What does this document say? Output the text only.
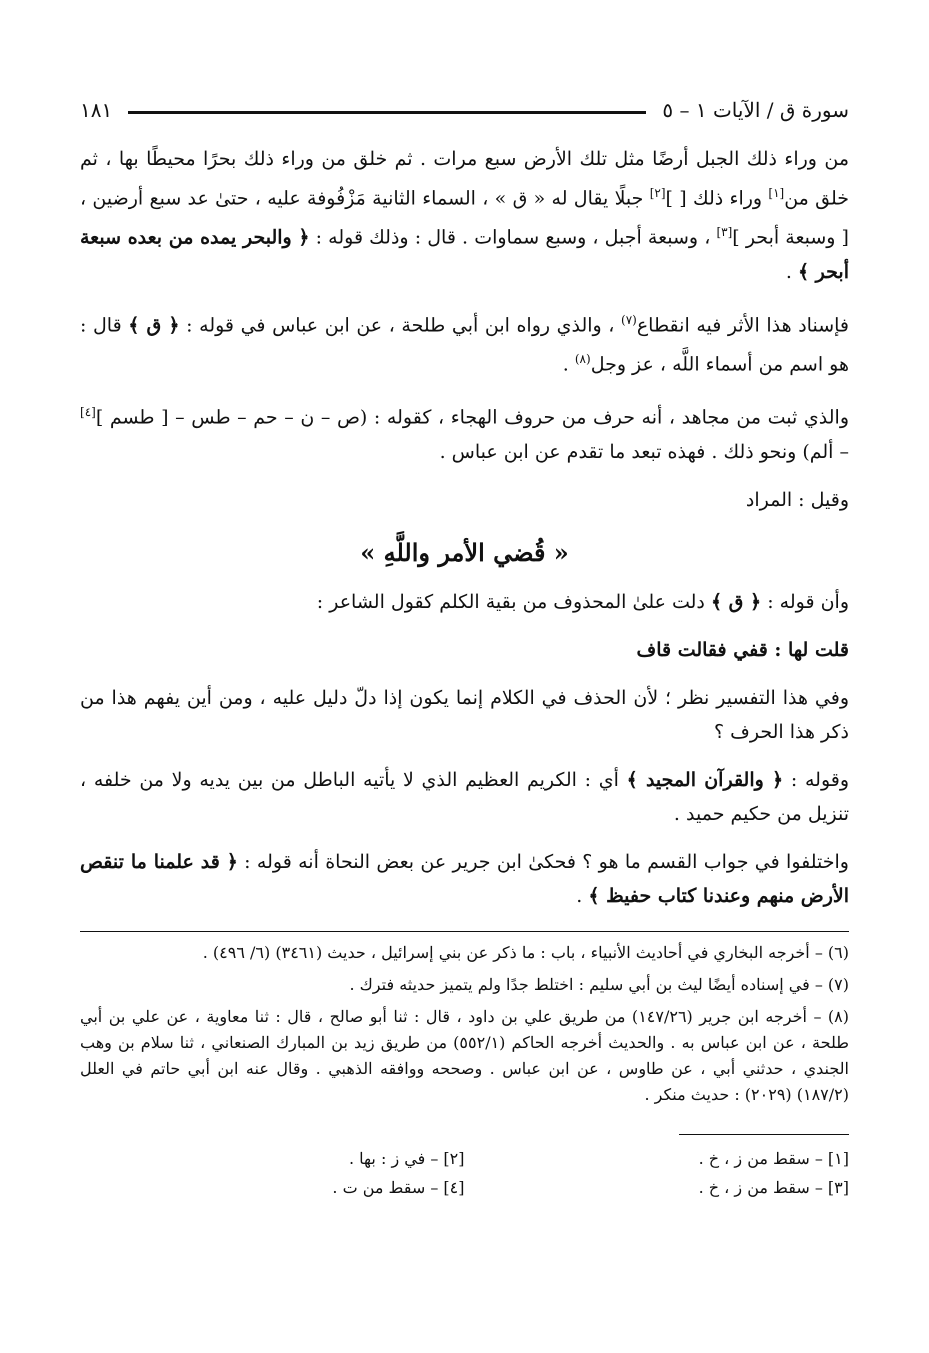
سورة ق / الآيات ١ – ٥
١٨١

من وراء ذلك الجبل أرضًا مثل تلك الأرض سبع مرات . ثم خلق من وراء ذلك بحرًا محيطًا بها ، ثم خلق من[١] وراء ذلك [ ][٢] جبلًا يقال له « ق » ، السماء الثانية مَزْفُوفة عليه ، حتىٰ عد سبع أرضين ، [ وسبعة أبحر ][٣] ، وسبعة أجبل ، وسبع سماوات . قال : وذلك قوله : ﴿ والبحر يمده من بعده سبعة أبحر ﴾ .

فإسناد هذا الأثر فيه انقطاع$^{(٧)}$ ، والذي رواه ابن أبي طلحة ، عن ابن عباس في قوله : ﴿ ق ﴾ قال : هو اسم من أسماء اللَّه ، عز وجل$^{(٨)}$ .

والذي ثبت من مجاهد ، أنه حرف من حروف الهجاء ، كقوله : (ص – ن – حم – طس – [ طسم ][٤] – ألم) ونحو ذلك . فهذه تبعد ما تقدم عن ابن عباس .

وقيل : المراد

« قُضي الأمر واللَّهِ »

وأن قوله : ﴿ ق ﴾ دلت علىٰ المحذوف من بقية الكلم كقول الشاعر :

قلت لها : قفي فقالت قاف

وفي هذا التفسير نظر ؛ لأن الحذف في الكلام إنما يكون إذا دلّ دليل عليه ، ومن أين يفهم هذا من ذكر هذا الحرف ؟

وقوله : ﴿ والقرآن المجيد ﴾ أي : الكريم العظيم الذي لا يأتيه الباطل من بين يديه ولا من خلفه ، تنزيل من حكيم حميد .

واختلفوا في جواب القسم ما هو ؟ فحكىٰ ابن جرير عن بعض النحاة أنه قوله : ﴿ قد علمنا ما تنقص الأرض منهم وعندنا كتاب حفيظ ﴾ .

(٦) – أخرجه البخاري في أحاديث الأنبياء ، باب : ما ذكر عن بني إسرائيل ، حديث (٣٤٦١) (٦/ ٤٩٦) .

(٧) – في إسناده أيضًا ليث بن أبي سليم : اختلط جدًا ولم يتميز حديثه فترك .

(٨) – أخرجه ابن جرير (١٤٧/٢٦) من طريق علي بن داود ، قال : ثنا أبو صالح ، قال : ثنا معاوية ، عن علي بن أبي طلحة ، عن ابن عباس به . والحديث أخرجه الحاكم (٥٥٢/١) من طريق زيد بن المبارك الصنعاني ، ثنا سلام بن وهب الجندي ، حدثني أبي ، عن طاوس ، عن ابن عباس . وصححه ووافقه الذهبي . وقال عنه ابن أبي حاتم في العلل (١٨٧/٢) (٢٠٢٩) : حديث منكر .

[١] – سقط من ز ، خ .
[٢] – في ز : بها .
[٣] – سقط من ز ، خ .
[٤] – سقط من ت .
